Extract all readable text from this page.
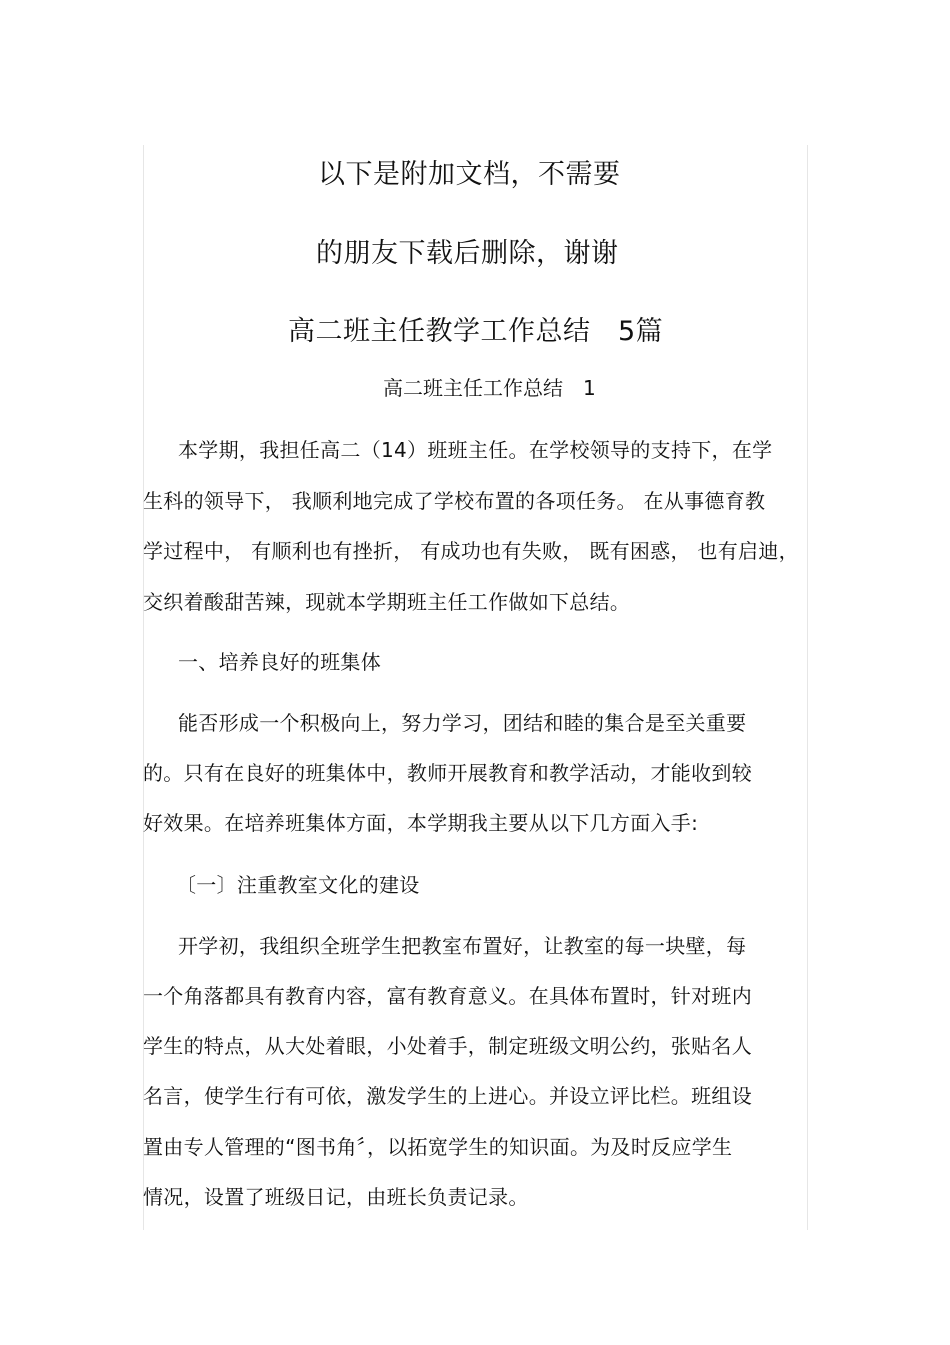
以下是附加文档，不需要
的朋友下载后删除，谢谢
高二班主任教学工作总结　5篇
高二班主任工作总结　1
本学期，我担任高二（14）班班主任。在学校领导的支持下，在学
生科的领导下， 我顺利地完成了学校布置的各项任务。 在从事德育教
学过程中， 有顺利也有挫折， 有成功也有失败， 既有困惑， 也有启迪，
交织着酸甜苦辣，现就本学期班主任工作做如下总结。
一、培养良好的班集体
能否形成一个积极向上，努力学习，团结和睦的集合是至关重要
的。只有在良好的班集体中，教师开展教育和教学活动，才能收到较
好效果。在培养班集体方面，本学期我主要从以下几方面入手:
〔一〕注重教室文化的建设
开学初，我组织全班学生把教室布置好，让教室的每一块壁，每
一个角落都具有教育内容，富有教育意义。在具体布置时，针对班内
学生的特点，从大处着眼，小处着手，制定班级文明公约，张贴名人
名言，使学生行有可依，激发学生的上进心。并设立评比栏。班组设
置由专人管理的“图书角〞，以拓宽学生的知识面。为及时反应学生
情况，设置了班级日记，由班长负责记录。
